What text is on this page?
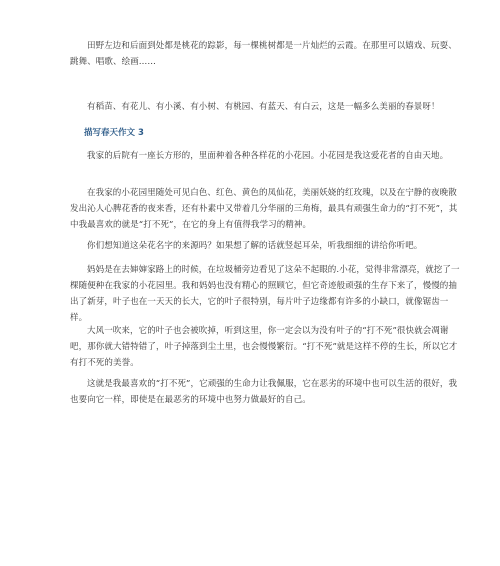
田野左边和后面到处都是桃花的踪影，每一棵桃树都是一片灿烂的云霞。在那里可以嬉戏、玩耍、跳舞、唱歌、绘画……

有稻苗、有花儿、有小溪、有小树、有桃园、有蓝天、有白云，这是一幅多么美丽的春景呀！

描写春天作文 3

我家的后院有一座长方形的，里面种着各种各样花的小花园。小花园是我这爱花者的自由天地。

在我家的小花园里随处可见白色、红色、黄色的凤仙花，美丽妖娆的红玫瑰，以及在宁静的夜晚散发出沁人心脾花香的夜来香，还有朴素中又带着几分华丽的三角梅，最具有顽强生命力的“打不死”，其中我最喜欢的就是“打不死”，在它的身上有值得我学习的精神。

你们想知道这朵花名字的来源吗？如果想了解的话就竖起耳朵，听我细细的讲给你听吧。

妈妈是在去婶婶家路上的时候，在垃圾桶旁边看见了这朵不起眼的.小花，觉得非常漂亮，就挖了一棵随便种在我家的小花园里。我和妈妈也没有精心的照顾它，但它奇迹般顽强的生存下来了，慢慢的抽出了新芽，叶子也在一天天的长大，它的叶子很特别，每片叶子边缘都有许多的小缺口，就像锯齿一样。

大风一吹来，它的叶子也会被吹掉，听到这里，你一定会以为没有叶子的“打不死”很快就会凋谢吧，那你就大错特错了，叶子掉落到尘土里，也会慢慢繁衍。“打不死”就是这样不停的生长，所以它才有打不死的美誉。

这就是我最喜欢的“打不死”，它顽强的生命力让我佩服，它在恶劣的环境中也可以生活的很好，我也要向它一样，即使是在最恶劣的环境中也努力做最好的自己。
